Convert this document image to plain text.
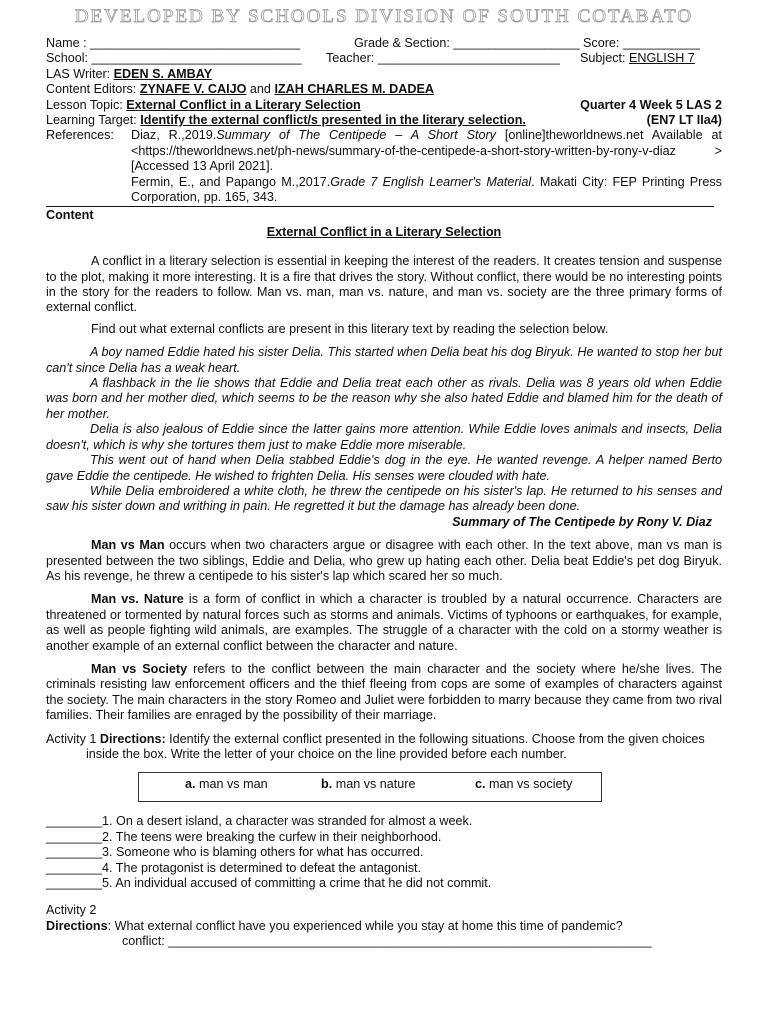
DEVELOPED BY SCHOOLS DIVISION OF SOUTH COTABATO
Name : ______________________________	Grade & Section: __________________ Score: ___________
School: ______________________________ Teacher: __________________________ Subject: ENGLISH 7
LAS Writer: EDEN S. AMBAY
Content Editors: ZYNAFE V. CAIJO and IZAH CHARLES M. DADEA
Lesson Topic: External Conflict in a Literary Selection	Quarter 4 Week 5 LAS 2
Learning Target: Identify the external conflict/s presented in the literary selection.	(EN7 LT IIa4)
References:	Diaz, R.,2019.Summary of The Centipede – A Short Story [online]theworldnews.net Available at <https://theworldnews.net/ph-news/summary-of-the-centipede-a-short-story-written-by-rony-v-diaz > [Accessed 13 April 2021].
Fermin, E., and Papango M.,2017.Grade 7 English Learner's Material. Makati City: FEP Printing Press Corporation, pp. 165, 343.
Content
External Conflict in a Literary Selection

A conflict in a literary selection is essential in keeping the interest of the readers. It creates tension and suspense to the plot, making it more interesting. It is a fire that drives the story. Without conflict, there would be no interesting points in the story for the readers to follow. Man vs. man, man vs. nature, and man vs. society are the three primary forms of external conflict.

Find out what external conflicts are present in this literary text by reading the selection below.

A boy named Eddie hated his sister Delia. This started when Delia beat his dog Biryuk. He wanted to stop her but can't since Delia has a weak heart.

A flashback in the lie shows that Eddie and Delia treat each other as rivals. Delia was 8 years old when Eddie was born and her mother died, which seems to be the reason why she also hated Eddie and blamed him for the death of her mother.

Delia is also jealous of Eddie since the latter gains more attention. While Eddie loves animals and insects, Delia doesn't, which is why she tortures them just to make Eddie more miserable.

This went out of hand when Delia stabbed Eddie's dog in the eye. He wanted revenge. A helper named Berto gave Eddie the centipede. He wished to frighten Delia. His senses were clouded with hate.

While Delia embroidered a white cloth, he threw the centipede on his sister's lap. He returned to his senses and saw his sister down and writhing in pain. He regretted it but the damage has already been done.

Summary of The Centipede by Rony V. Diaz

Man vs Man occurs when two characters argue or disagree with each other. In the text above, man vs man is presented between the two siblings, Eddie and Delia, who grew up hating each other. Delia beat Eddie's pet dog Biryuk. As his revenge, he threw a centipede to his sister's lap which scared her so much.

Man vs. Nature is a form of conflict in which a character is troubled by a natural occurrence. Characters are threatened or tormented by natural forces such as storms and animals. Victims of typhoons or earthquakes, for example, as well as people fighting wild animals, are examples. The struggle of a character with the cold on a stormy weather is another example of an external conflict between the character and nature.

Man vs Society refers to the conflict between the main character and the society where he/she lives. The criminals resisting law enforcement officers and the thief fleeing from cops are some of examples of characters against the society. The main characters in the story Romeo and Juliet were forbidden to marry because they came from two rival families. Their families are enraged by the possibility of their marriage.

Activity 1 Directions: Identify the external conflict presented in the following situations. Choose from the given choices inside the box. Write the letter of your choice on the line provided before each number.

a. man vs man	b. man vs nature	c. man vs society
________1. On a desert island, a character was stranded for almost a week.
________2. The teens were breaking the curfew in their neighborhood.
________3. Someone who is blaming others for what has occurred.
________4. The protagonist is determined to defeat the antagonist.
________5. An individual accused of committing a crime that he did not commit.
Activity 2
Directions: What external conflict have you experienced while you stay at home this time of pandemic?
conflict: _____________________________________________________________________
